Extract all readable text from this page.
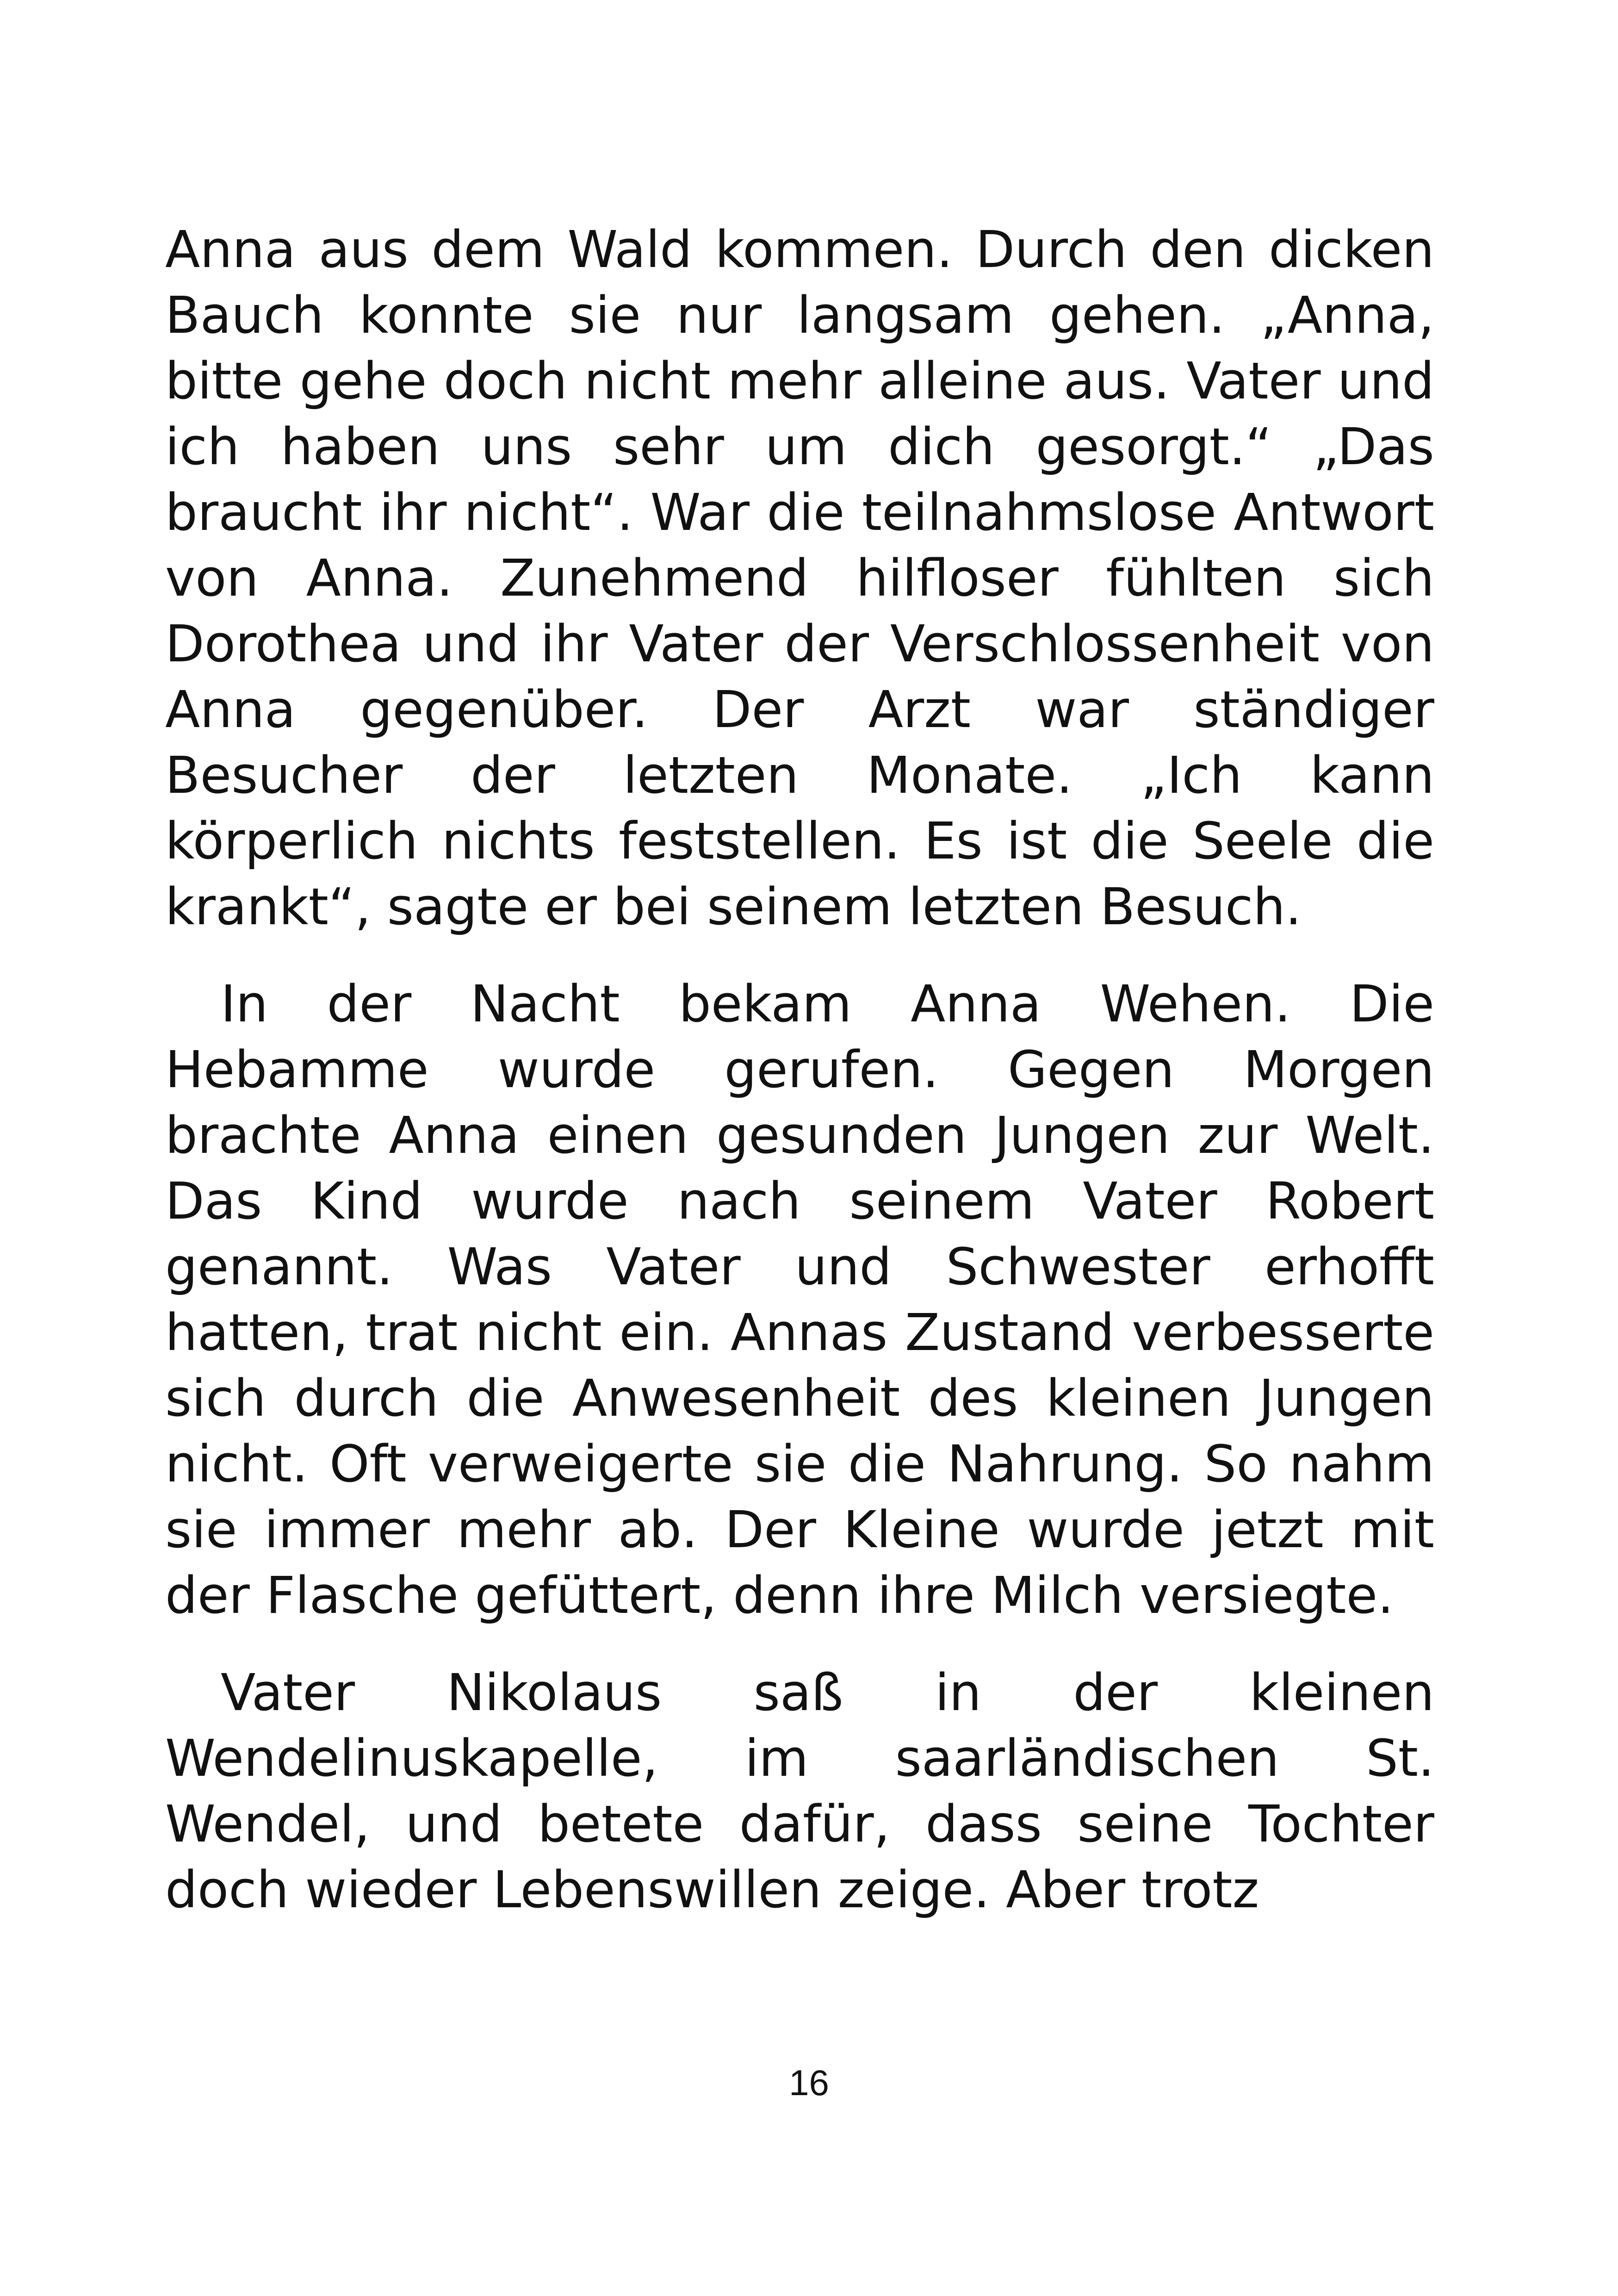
Anna aus dem Wald kommen. Durch den dicken Bauch konnte sie nur langsam gehen. „Anna, bitte gehe doch nicht mehr alleine aus. Vater und ich haben uns sehr um dich gesorgt.“ „Das braucht ihr nicht“. War die teilnahmslose Antwort von Anna. Zunehmend hilfloser fühlten sich Dorothea und ihr Vater der Verschlossenheit von Anna gegenüber. Der Arzt war ständiger Besucher der letzten Monate. „Ich kann körperlich nichts feststellen. Es ist die Seele die krankt“, sagte er bei seinem letzten Besuch.

In der Nacht bekam Anna Wehen. Die Hebamme wurde gerufen. Gegen Morgen brachte Anna einen gesunden Jungen zur Welt. Das Kind wurde nach seinem Vater Robert genannt. Was Vater und Schwester erhofft hatten, trat nicht ein. Annas Zustand verbesserte sich durch die Anwesenheit des kleinen Jungen nicht. Oft verweigerte sie die Nahrung. So nahm sie immer mehr ab. Der Kleine wurde jetzt mit der Flasche gefüttert, denn ihre Milch versiegte.

Vater Nikolaus saß in der kleinen Wendelinuskapelle, im saarländischen St. Wendel, und betete dafür, dass seine Tochter doch wieder Lebenswillen zeige. Aber trotz

16
